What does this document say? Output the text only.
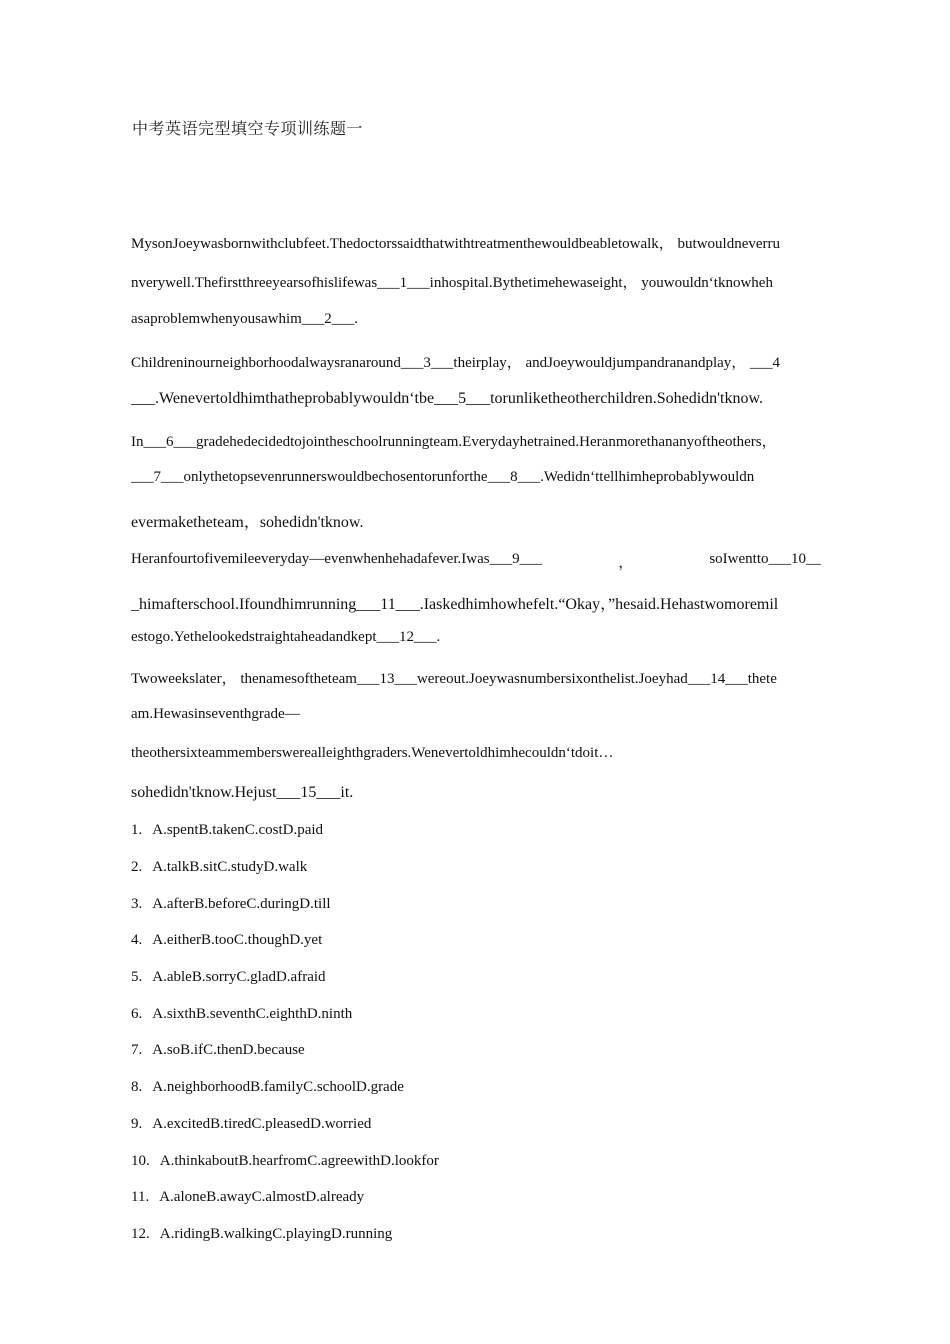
中考英语完型填空专项训练题一
MysonJoeywasbornwithclubfeet.Thedoctorssaidthatwithtreatmenthewouldbeabletowalk， butwouldneverru
nverywell.Thefirstthreeyearsofhislifewas___1___inhospital.Bythetimehewaseight， youwouldn‘tknowheh
asaproblemwhenyousawhim___2___.
Childreninourneighborhoodalwaysranaround___3___theirplay， andJoeywouldjumpandranandplay， ___4
___.Wenevertoldhimthatheprobablywouldn‘tbe___5___torunliketheotherchildren.Sohedidn'tknow.
In___6___gradehedecidedtojointheschoolrunningteam.Everydayhetrained.Heranmorethananyoftheothers，
___7___onlythetopsevenrunnerswouldbechosentorunforthe___8___.Wedidn‘ttellhimheprobablywouldn
evermaketheteam，sohedidn'tknow.
Heranfourtofivemileeveryday—evenwhenhehadafever.Iwas___9___	，	soIwentto___10__
_himafterschool.Ifoundhimrunning___11___.Iaskedhimhowhefelt.“Okay，”hesaid.Hehastwomoremil
estogo.Yethelookedstraightaheadandkept___12___.
Twoweekslater， thenamesoftheteam___13___wereout.Joeywasnumbersixonthelist.Joeyhad___14___thete
am.Hewasinseventhgrade—
theothersixteammemberswereallеighthgraders.Wenevertoldhimhecouldn‘tdoit…
sohedidn'tknow.Hejust___15___it.
1. A.spentB.takenC.costD.paid
2. A.talkB.sitC.studyD.walk
3. A.afterB.beforeC.duringD.till
4. A.eitherB.tooC.thoughD.yet
5. A.ableB.sorryC.gladD.afraid
6. A.sixthB.seventhC.eighthD.ninth
7. A.soB.ifC.thenD.because
8. A.neighborhoodB.familyC.schoolD.grade
9. A.excitedB.tiredC.pleasedD.worried
10. A.thinkaboutB.hearfromC.agreewithD.lookfor
11. A.aloneB.awayC.almostD.already
12. A.ridingB.walkingC.playingD.running
